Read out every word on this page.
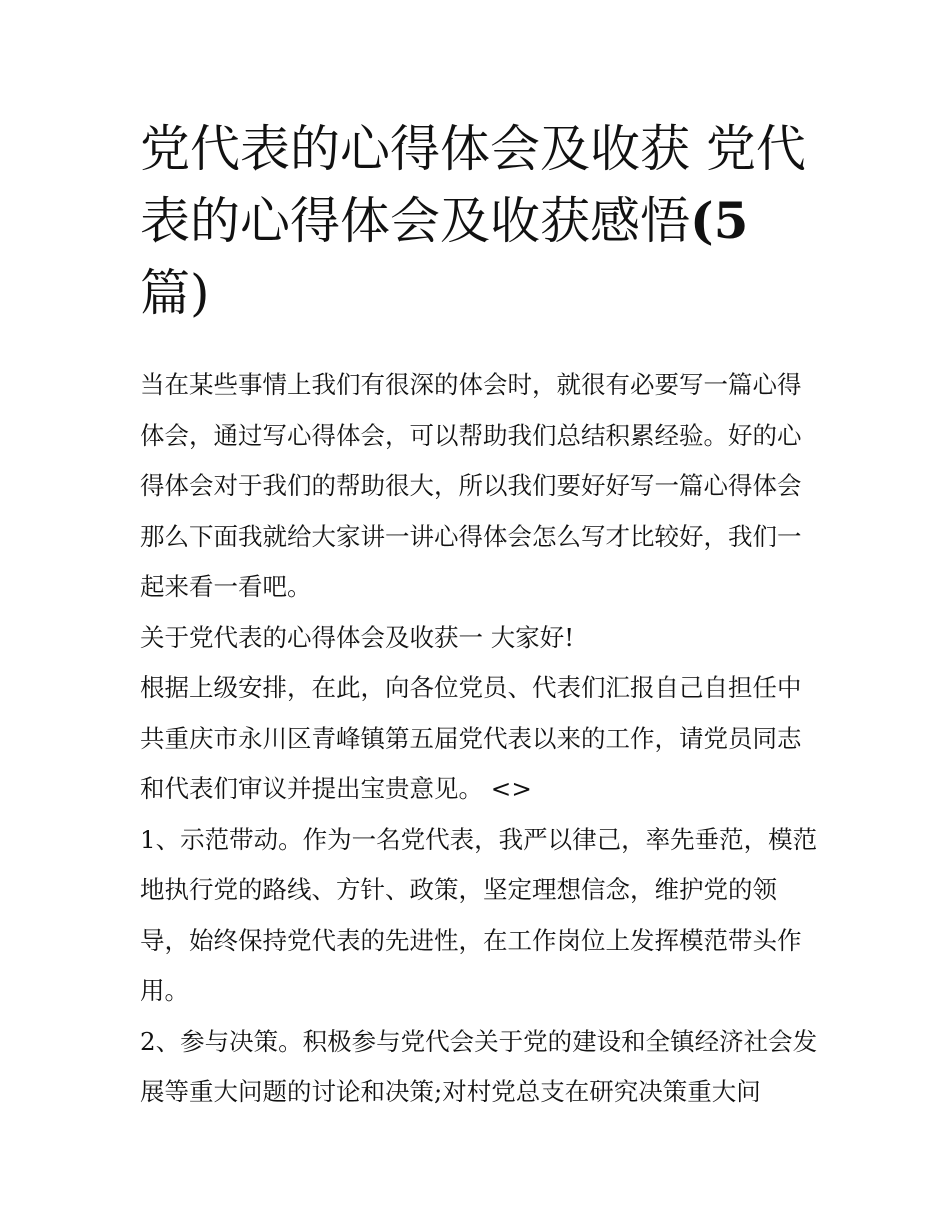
党代表的心得体会及收获 党代表的心得体会及收获感悟(5
篇)

当在某些事情上我们有很深的体会时，就很有必要写一篇心得体会，通过写心得体会，可以帮助我们总结积累经验。好的心得体会对于我们的帮助很大，所以我们要好好写一篇心得体会那么下面我就给大家讲一讲心得体会怎么写才比较好，我们一起来看一看吧。

关于党代表的心得体会及收获一 大家好!

根据上级安排，在此，向各位党员、代表们汇报自己自担任中共重庆市永川区青峰镇第五届党代表以来的工作，请党员同志和代表们审议并提出宝贵意见。 <>

1、示范带动。作为一名党代表，我严以律己，率先垂范，模范地执行党的路线、方针、政策，坚定理想信念，维护党的领导，始终保持党代表的先进性，在工作岗位上发挥模范带头作用。

2、参与决策。积极参与党代会关于党的建设和全镇经济社会发展等重大问题的讨论和决策;对村党总支在研究决策重大问
